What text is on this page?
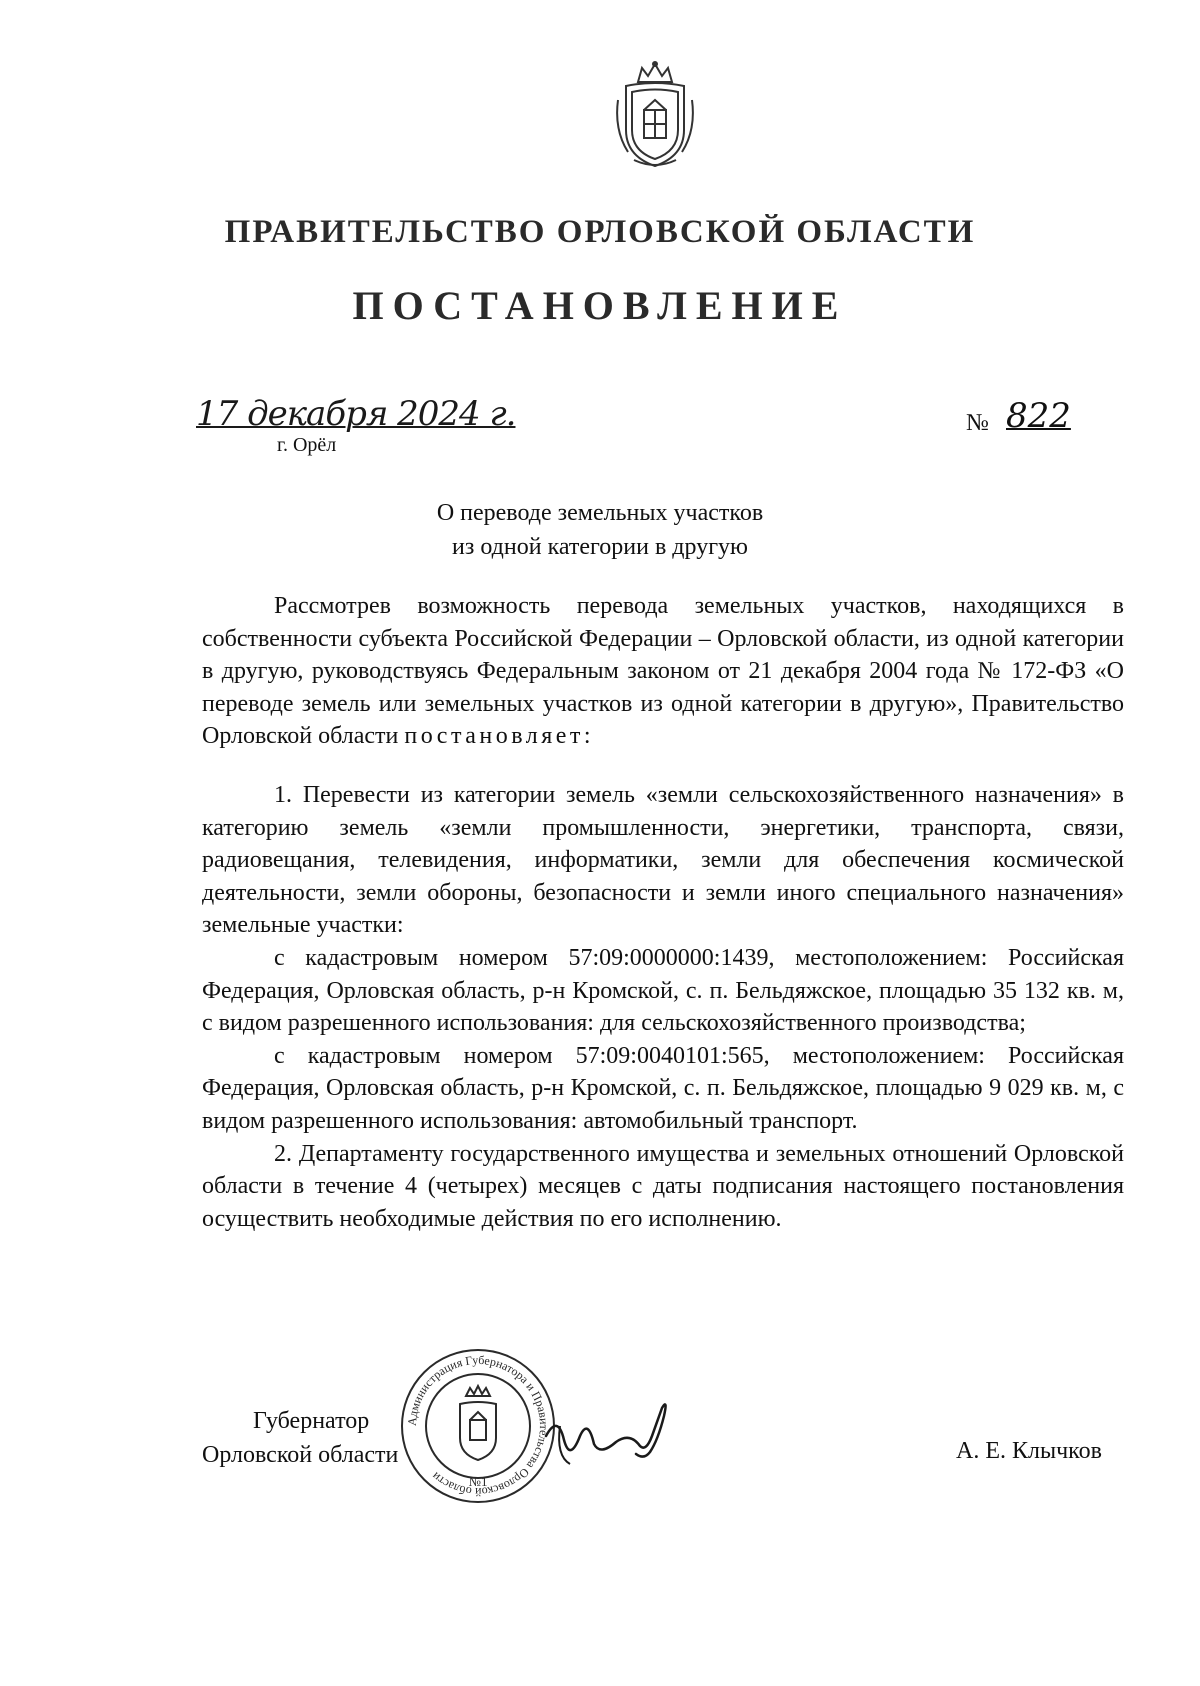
ПРАВИТЕЛЬСТВО ОРЛОВСКОЙ ОБЛАСТИ
ПОСТАНОВЛЕНИЕ
17 декабря 2024 г.
г. Орёл
№ 822
О переводе земельных участков
из одной категории в другую

Рассмотрев возможность перевода земельных участков, находящихся в собственности субъекта Российской Федерации – Орловской области, из одной категории в другую, руководствуясь Федеральным законом от 21 декабря 2004 года № 172-ФЗ «О переводе земель или земельных участков из одной категории в другую», Правительство Орловской области постановляет:

1. Перевести из категории земель «земли сельскохозяйственного назначения» в категорию земель «земли промышленности, энергетики, транспорта, связи, радиовещания, телевидения, информатики, земли для обеспечения космической деятельности, земли обороны, безопасности и земли иного специального назначения» земельные участки:

с кадастровым номером 57:09:0000000:1439, местоположением: Российская Федерация, Орловская область, р-н Кромской, с. п. Бельдяжское, площадью 35 132 кв. м, с видом разрешенного использования: для сельскохозяйственного производства;

с кадастровым номером 57:09:0040101:565, местоположением: Российская Федерация, Орловская область, р-н Кромской, с. п. Бельдяжское, площадью 9 029 кв. м, с видом разрешенного использования: автомобильный транспорт.

2. Департаменту государственного имущества и земельных отношений Орловской области в течение 4 (четырех) месяцев с даты подписания настоящего постановления осуществить необходимые действия по его исполнению.

Администрация Губернатора и Правительства Орловской области	№1
Губернатор
Орловской области	А. Е. Клычков
